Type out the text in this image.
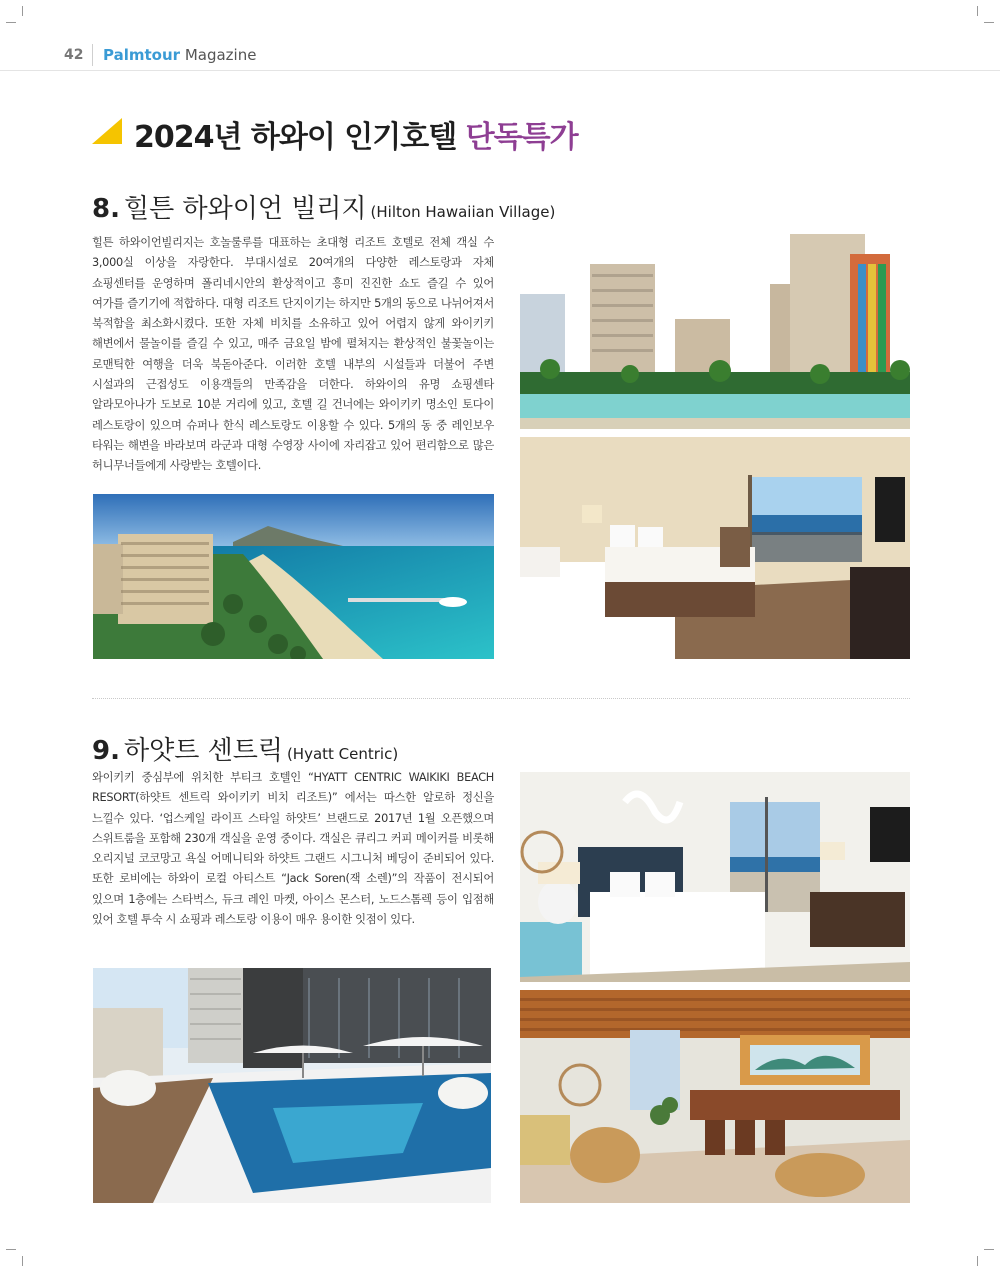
42 Palmtour Magazine
2024년 하와이 인기호텔 단독특가
8. 힐튼 하와이언 빌리지 (Hilton Hawaiian Village)
힐튼 하와이언빌리지는 호놀룰루를 대표하는 초대형 리조트 호텔로 전체 객실 수 3,000실 이상을 자랑한다. 부대시설로 20여개의 다양한 레스토랑과 자체 쇼핑센터를 운영하며 폴리네시안의 환상적이고 흥미 진진한 쇼도 즐길 수 있어 여가를 즐기기에 적합하다. 대형 리조트 단지이기는 하지만 5개의 동으로 나뉘어져서 북적함을 최소화시켰다. 또한 자체 비치를 소유하고 있어 어렵지 않게 와이키키 해변에서 물놀이를 즐길 수 있고, 매주 금요일 밤에 펼쳐지는 환상적인 불꽃놀이는 로맨틱한 여행을 더욱 북돋아준다. 이러한 호텔 내부의 시설들과 더불어 주변 시설과의 근접성도 이용객들의 만족감을 더한다. 하와이의 유명 쇼핑센타 알라모아나가 도보로 10분 거리에 있고, 호텔 길 건너에는 와이키키 명소인 토다이 레스토랑이 있으며 슈퍼나 한식 레스토랑도 이용할 수 있다. 5개의 동 중 레인보우 타워는 해변을 바라보며 라군과 대형 수영장 사이에 자리잡고 있어 편리함으로 많은 허니무너들에게 사랑받는 호텔이다.
9. 하얏트 센트릭 (Hyatt Centric)
와이키키 중심부에 위치한 부티크 호텔인 “HYATT CENTRIC WAIKIKI BEACH RESORT(하얏트 센트릭 와이키키 비치 리조트)” 에서는 따스한 알로하 정신을 느낄수 있다. ‘업스케일 라이프 스타일 하얏트’ 브랜드로 2017년 1월 오픈했으며 스위트룸을 포함해 230개 객실을 운영 중이다. 객실은 큐리그 커피 메이커를 비롯해 오리지널 코코망고 욕실 어메니티와 하얏트 그랜드 시그니처 베딩이 준비되어 있다. 또한 로비에는 하와이 로컬 아티스트 “Jack Soren(잭 소렌)”의 작품이 전시되어 있으며 1층에는 스타벅스, 듀크 레인 마켓, 아이스 몬스터, 노드스톰렉 등이 입점해 있어 호텔 투숙 시 쇼핑과 레스토랑 이용이 매우 용이한 잇점이 있다.
